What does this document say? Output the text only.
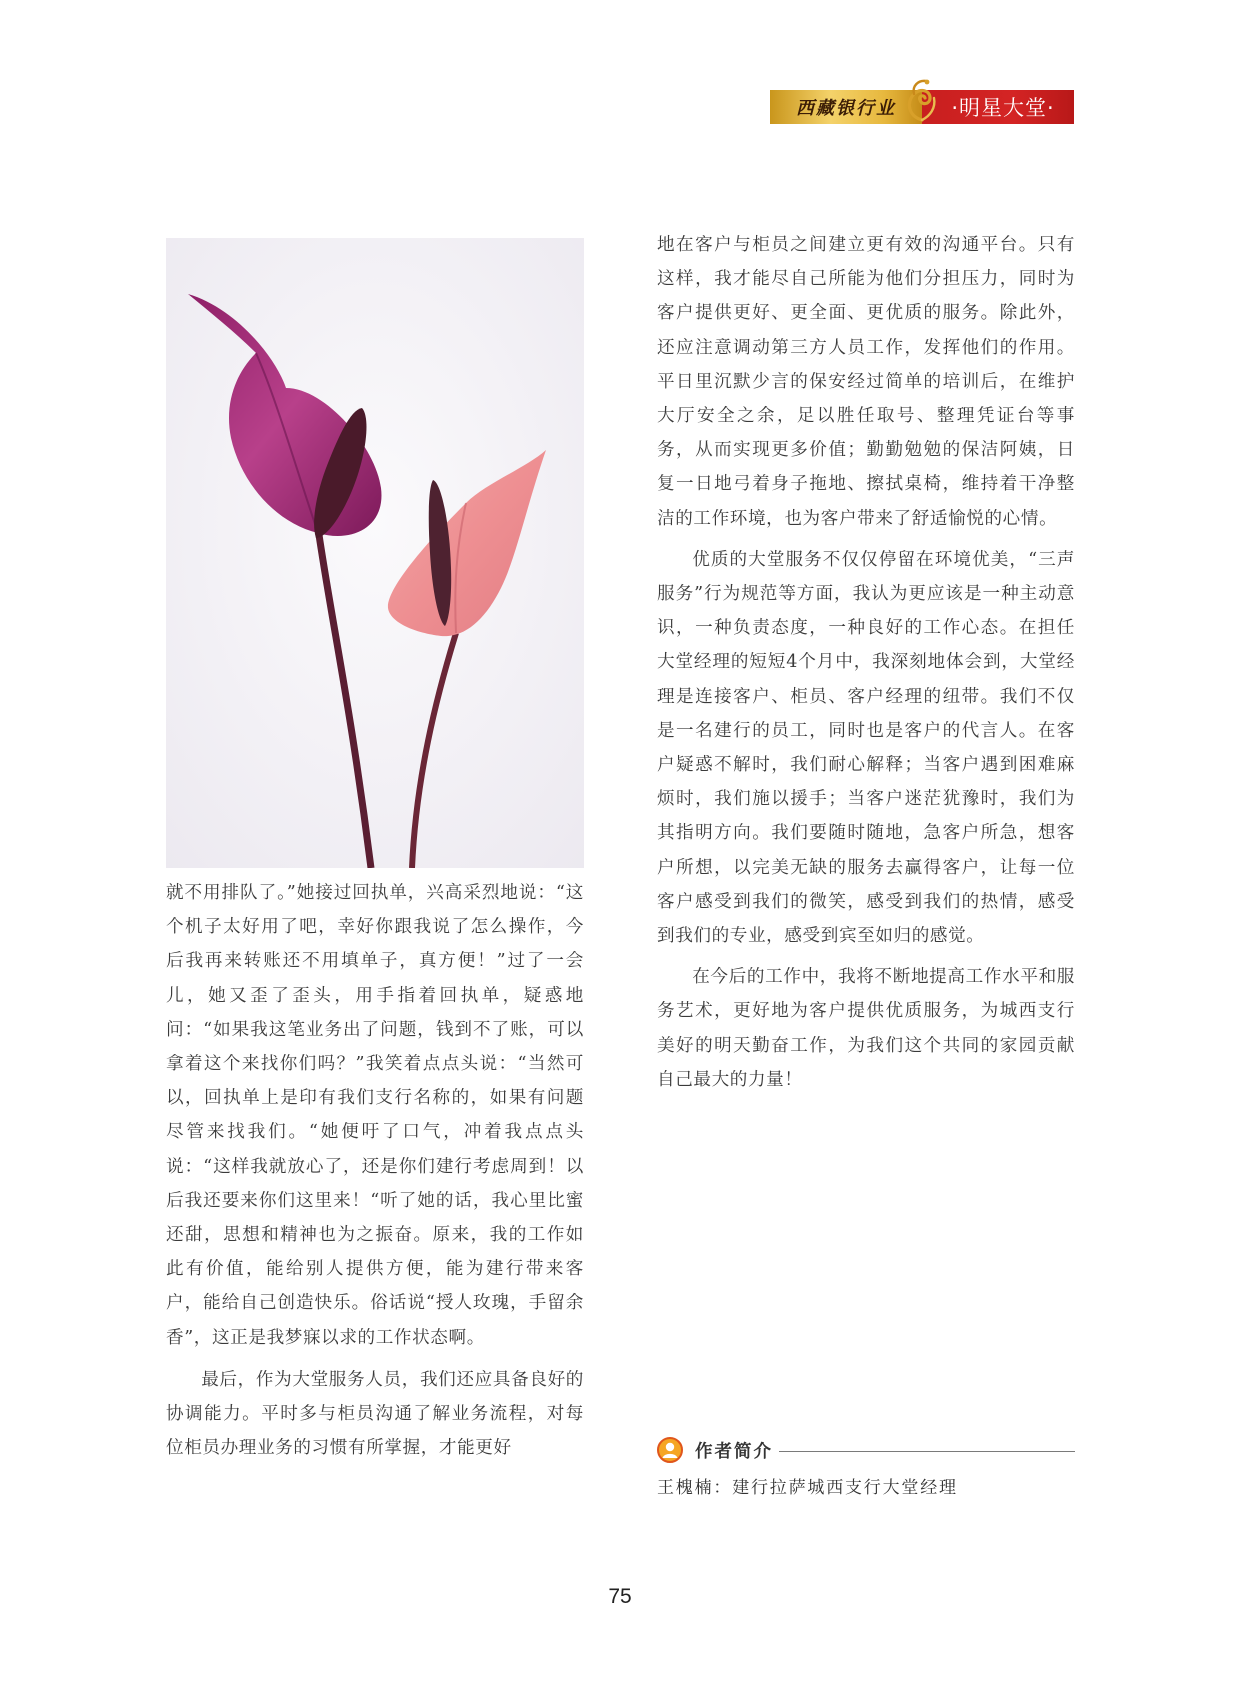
西藏银行业	·明星大堂·

就不用排队了。”她接过回执单，兴高采烈地说：“这个机子太好用了吧，幸好你跟我说了怎么操作，今后我再来转账还不用填单子，真方便！”过了一会儿，她又歪了歪头，用手指着回执单，疑惑地问：“如果我这笔业务出了问题，钱到不了账，可以拿着这个来找你们吗？”我笑着点点头说：“当然可以，回执单上是印有我们支行名称的，如果有问题尽管来找我们。“她便吁了口气，冲着我点点头说：“这样我就放心了，还是你们建行考虑周到！以后我还要来你们这里来！“听了她的话，我心里比蜜还甜，思想和精神也为之振奋。原来，我的工作如此有价值，能给别人提供方便，能为建行带来客户，能给自己创造快乐。俗话说“授人玫瑰，手留余香”，这正是我梦寐以求的工作状态啊。

最后，作为大堂服务人员，我们还应具备良好的协调能力。平时多与柜员沟通了解业务流程，对每位柜员办理业务的习惯有所掌握，才能更好

地在客户与柜员之间建立更有效的沟通平台。只有这样，我才能尽自己所能为他们分担压力，同时为客户提供更好、更全面、更优质的服务。除此外，还应注意调动第三方人员工作，发挥他们的作用。平日里沉默少言的保安经过简单的培训后，在维护大厅安全之余，足以胜任取号、整理凭证台等事务，从而实现更多价值；勤勤勉勉的保洁阿姨，日复一日地弓着身子拖地、擦拭桌椅，维持着干净整洁的工作环境，也为客户带来了舒适愉悦的心情。

优质的大堂服务不仅仅停留在环境优美，“三声服务”行为规范等方面，我认为更应该是一种主动意识，一种负责态度，一种良好的工作心态。在担任大堂经理的短短4个月中，我深刻地体会到，大堂经理是连接客户、柜员、客户经理的纽带。我们不仅是一名建行的员工，同时也是客户的代言人。在客户疑惑不解时，我们耐心解释；当客户遇到困难麻烦时，我们施以援手；当客户迷茫犹豫时，我们为其指明方向。我们要随时随地，急客户所急，想客户所想，以完美无缺的服务去赢得客户，让每一位客户感受到我们的微笑，感受到我们的热情，感受到我们的专业，感受到宾至如归的感觉。

在今后的工作中，我将不断地提高工作水平和服务艺术，更好地为客户提供优质服务，为城西支行美好的明天勤奋工作，为我们这个共同的家园贡献自己最大的力量！

作者简介
王槐楠：建行拉萨城西支行大堂经理
75
